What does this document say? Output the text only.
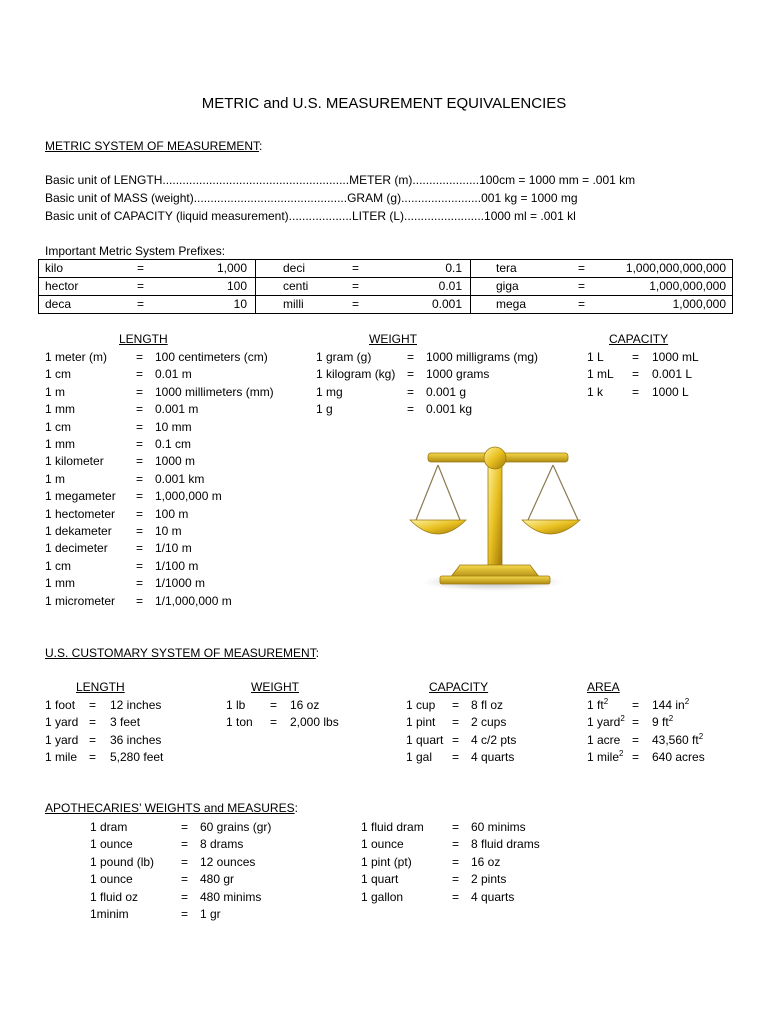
METRIC and U.S. MEASUREMENT EQUIVALENCIES
METRIC SYSTEM OF MEASUREMENT:
Basic unit of LENGTH........................................................METER (m)....................100cm = 1000 mm = .001 km
Basic unit of MASS (weight)..............................................GRAM (g)........................001 kg = 1000 mg
Basic unit of CAPACITY (liquid measurement)...................LITER (L)........................1000 ml = .001 kl
Important Metric System Prefixes:
kilo	=	1,000	deci	=	0.1	tera	=	1,000,000,000,000
hector	=	100	centi	=	0.01	giga	=	1,000,000,000
deca	=	10	milli	=	0.001	mega	=	1,000,000
LENGTH	WEIGHT	CAPACITY
1 meter (m) = 100 centimeters (cm)
1 cm	= 0.01 m
1 m	= 1000 millimeters (mm)
1 mm	= 0.001 m
1 cm	= 10 mm
1 mm	= 0.1 cm
1 kilometer	= 1000 m
1 m	= 0.001 km
1 megameter = 1,000,000 m
1 hectometer = 100 m
1 dekameter = 10 m
1 decimeter = 1/10 m
1 cm	= 1/100 m
1 mm	= 1/1000 m
1 micrometer = 1/1,000,000 m
1 gram (g)	= 1000 milligrams (mg)
1 kilogram (kg) = 1000 grams
1 mg	= 0.001 g
1 g	= 0.001 kg
1 L = 1000 mL
1 mL = 0.001 L
1 k = 1000 L
U.S. CUSTOMARY SYSTEM OF MEASUREMENT:
LENGTH	WEIGHT	CAPACITY	AREA
1 foot = 12 inches
1 yard = 3 feet
1 yard = 36 inches
1 mile = 5,280 feet
1 lb = 16 oz
1 ton = 2,000 lbs
1 cup = 8 fl oz
1 pint = 2 cups
1 quart = 4 c/2 pts
1 gal = 4 quarts
1 $ft^2 = 144$ $in^2$
1 yard$^2$ = 9 $ft^2$
1 acre = 43,560 $ft^2$
1 mile$^2$ = 640 acres
APOTHECARIES’ WEIGHTS and MEASURES:
1 dram	= 60 grains (gr)
1 ounce	= 8 drams
1 pound (lb) = 12 ounces
1 ounce	= 480 gr
1 fluid oz	= 480 minims
1minim	= 1 gr
1 fluid dram = 60 minims
1 ounce	= 8 fluid drams
1 pint (pt)	= 16 oz
1 quart	= 2 pints
1 gallon	= 4 quarts
